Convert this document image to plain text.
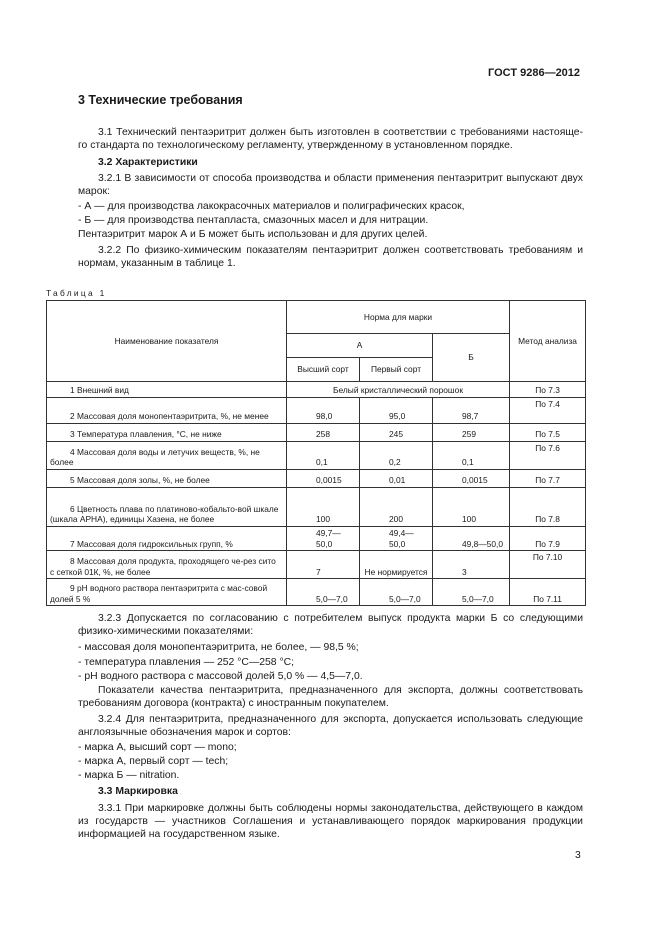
ГОСТ 9286—2012
3 Технические требования
3.1 Технический пентаэритрит должен быть изготовлен в соответствии с требованиями настояще-го стандарта по технологическому регламенту, утвержденному в установленном порядке.
3.2 Характеристики
3.2.1 В зависимости от способа производства и области применения пентаэритрит выпускают двух марок:
- А — для производства лакокрасочных материалов и полиграфических красок,
- Б — для производства пентапласта, смазочных масел и для нитрации.
Пентаэритрит марок А и Б может быть использован и для других целей.
3.2.2 По физико-химическим показателям пентаэритрит должен соответствовать требованиям и нормам, указанным в таблице 1.
Таблица 1
Наименование показателя	Норма для марки			Метод анализа
	А		Б	
	Высший сорт	Первый сорт		
1 Внешний вид	Белый кристаллический порошок			По 7.3
2 Массовая доля монопентаэритрита, %, не менее	98,0	95,0	98,7	По 7.4
3 Температура плавления, °С, не ниже	258	245	259	По 7.5
4 Массовая доля воды и летучих веществ, %, не более	0,1	0,2	0,1	По 7.6
5 Массовая доля золы, %, не более	0,0015	0,01	0,0015	По 7.7
6 Цветность плава по платиново-кобальто-вой шкале (шкала АРНА), единицы Хазена, не более	100	200	100	По 7.8
7 Массовая доля гидроксильных групп, %	49,7—50,0	49,4—50,0	49,8—50,0	По 7.9
8 Массовая доля продукта, проходящего че-рез сито с сеткой 01К, %, не более	7	Не нормируется	3	По 7.10
9 pH водного раствора пентаэритрита с мас-совой долей 5 %	5,0—7,0	5,0—7,0	5,0—7,0	По 7.11
3.2.3 Допускается по согласованию с потребителем выпуск продукта марки Б со следующими физико-химическими показателями:
- массовая доля монопентаэритрита, не более, — 98,5 %;
- температура плавления — 252 °С—258 °С;
- pH водного раствора с массовой долей 5,0 % — 4,5—7,0.
Показатели качества пентаэритрита, предназначенного для экспорта, должны соответствовать требованиям договора (контракта) с иностранным покупателем.
3.2.4 Для пентаэритрита, предназначенного для экспорта, допускается использовать следующие англоязычные обозначения марок и сортов:
- марка А, высший сорт — mono;
- марка А, первый сорт — tech;
- марка Б — nitration.
3.3 Маркировка
3.3.1 При маркировке должны быть соблюдены нормы законодательства, действующего в каждом из государств — участников Соглашения и устанавливающего порядок маркирования продукции информацией на государственном языке.
3
